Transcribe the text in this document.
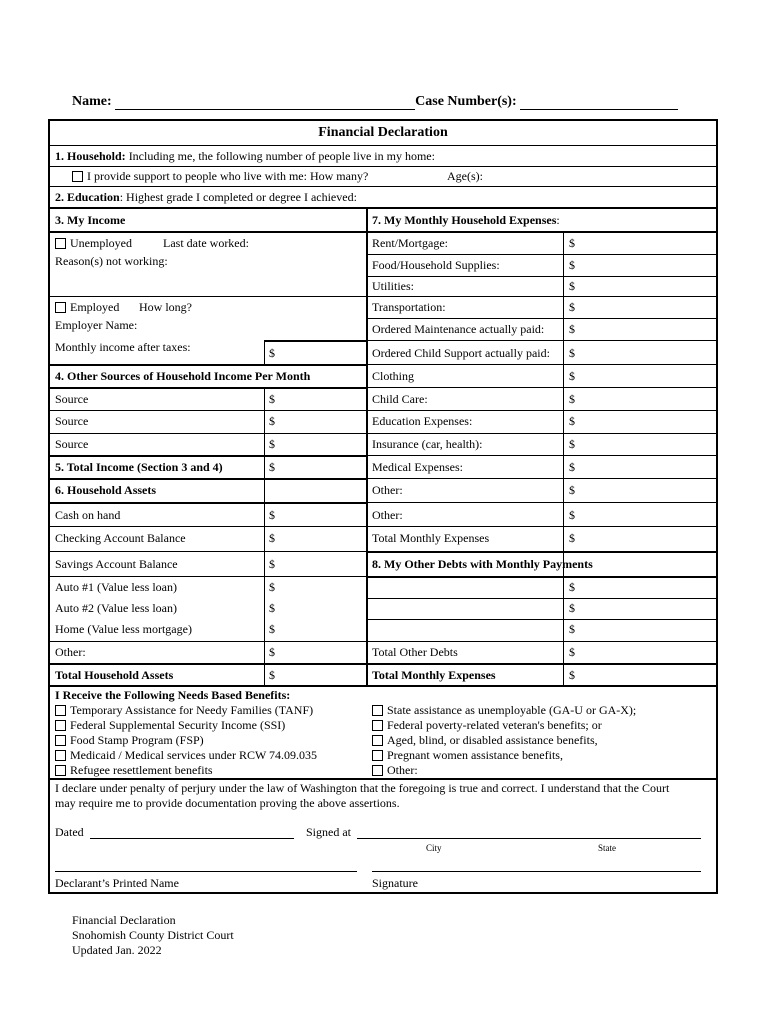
Name:	Case Number(s):
Financial Declaration
1. Household: Including me, the following number of people live in my home:
I provide support to people who live with me: How many?	Age(s):
2. Education: Highest grade I completed or degree I achieved:
3. My Income	7. My Monthly Household Expenses:
Unemployed	Last date worked:
Reason(s) not working:
Employed How long?
Employer Name:
Monthly income after taxes:	$
4. Other Sources of Household Income Per Month
Source	$
Source	$
Source	$
5. Total Income (Section 3 and 4)	$
6. Household Assets
Cash on hand	$
Checking Account Balance	$
Savings Account Balance	$
Auto #1 (Value less loan)	$
Auto #2 (Value less loan)	$
Home (Value less mortgage)	$
Other:	$
Total Household Assets	$
Rent/Mortgage:	$
Food/Household Supplies:	$
Utilities:	$
Transportation:	$
Ordered Maintenance actually paid: $
Ordered Child Support actually paid: $
Clothing	$
Child Care:	$
Education Expenses:	$
Insurance (car, health):	$
Medical Expenses:	$
Other:	$
Other:	$
Total Monthly Expenses	$
8. My Other Debts with Monthly Payments
$
$
$
Total Other Debts	$
Total Monthly Expenses	$
I Receive the Following Needs Based Benefits:
Temporary Assistance for Needy Families (TANF)
Federal Supplemental Security Income (SSI)
Food Stamp Program (FSP)
Medicaid / Medical services under RCW 74.09.035
Refugee resettlement benefits
State assistance as unemployable (GA-U or GA-X);
Federal poverty-related veteran's benefits; or
Aged, blind, or disabled assistance benefits,
Pregnant women assistance benefits,
Other:
I declare under penalty of perjury under the law of Washington that the foregoing is true and correct. I understand that the Court
may require me to provide documentation proving the above assertions.
Dated	Signed at
City	State
Declarant’s Printed Name	Signature
Financial Declaration
Snohomish County District Court
Updated Jan. 2022
